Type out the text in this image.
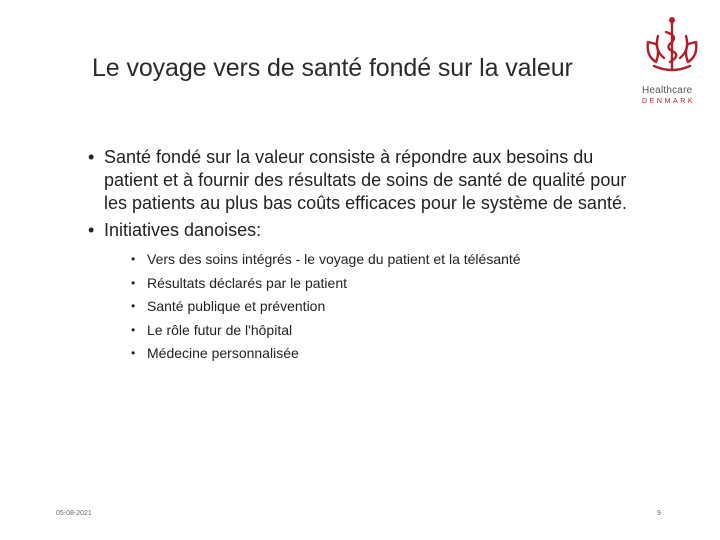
Le voyage vers de santé fondé sur la valeur
Healthcare
DENMARK
• Santé fondé sur la valeur consiste à répondre aux besoins du patient et à fournir des résultats de soins de santé de qualité pour les patients au plus bas coûts efficaces pour le système de santé.
• Initiatives danoises:
• Vers des soins intégrés - le voyage du patient et la télésanté
• Résultats déclarés par le patient
• Santé publique et prévention
• Le rôle futur de l'hôpital
• Médecine personnalisée
05-08-2021	9
